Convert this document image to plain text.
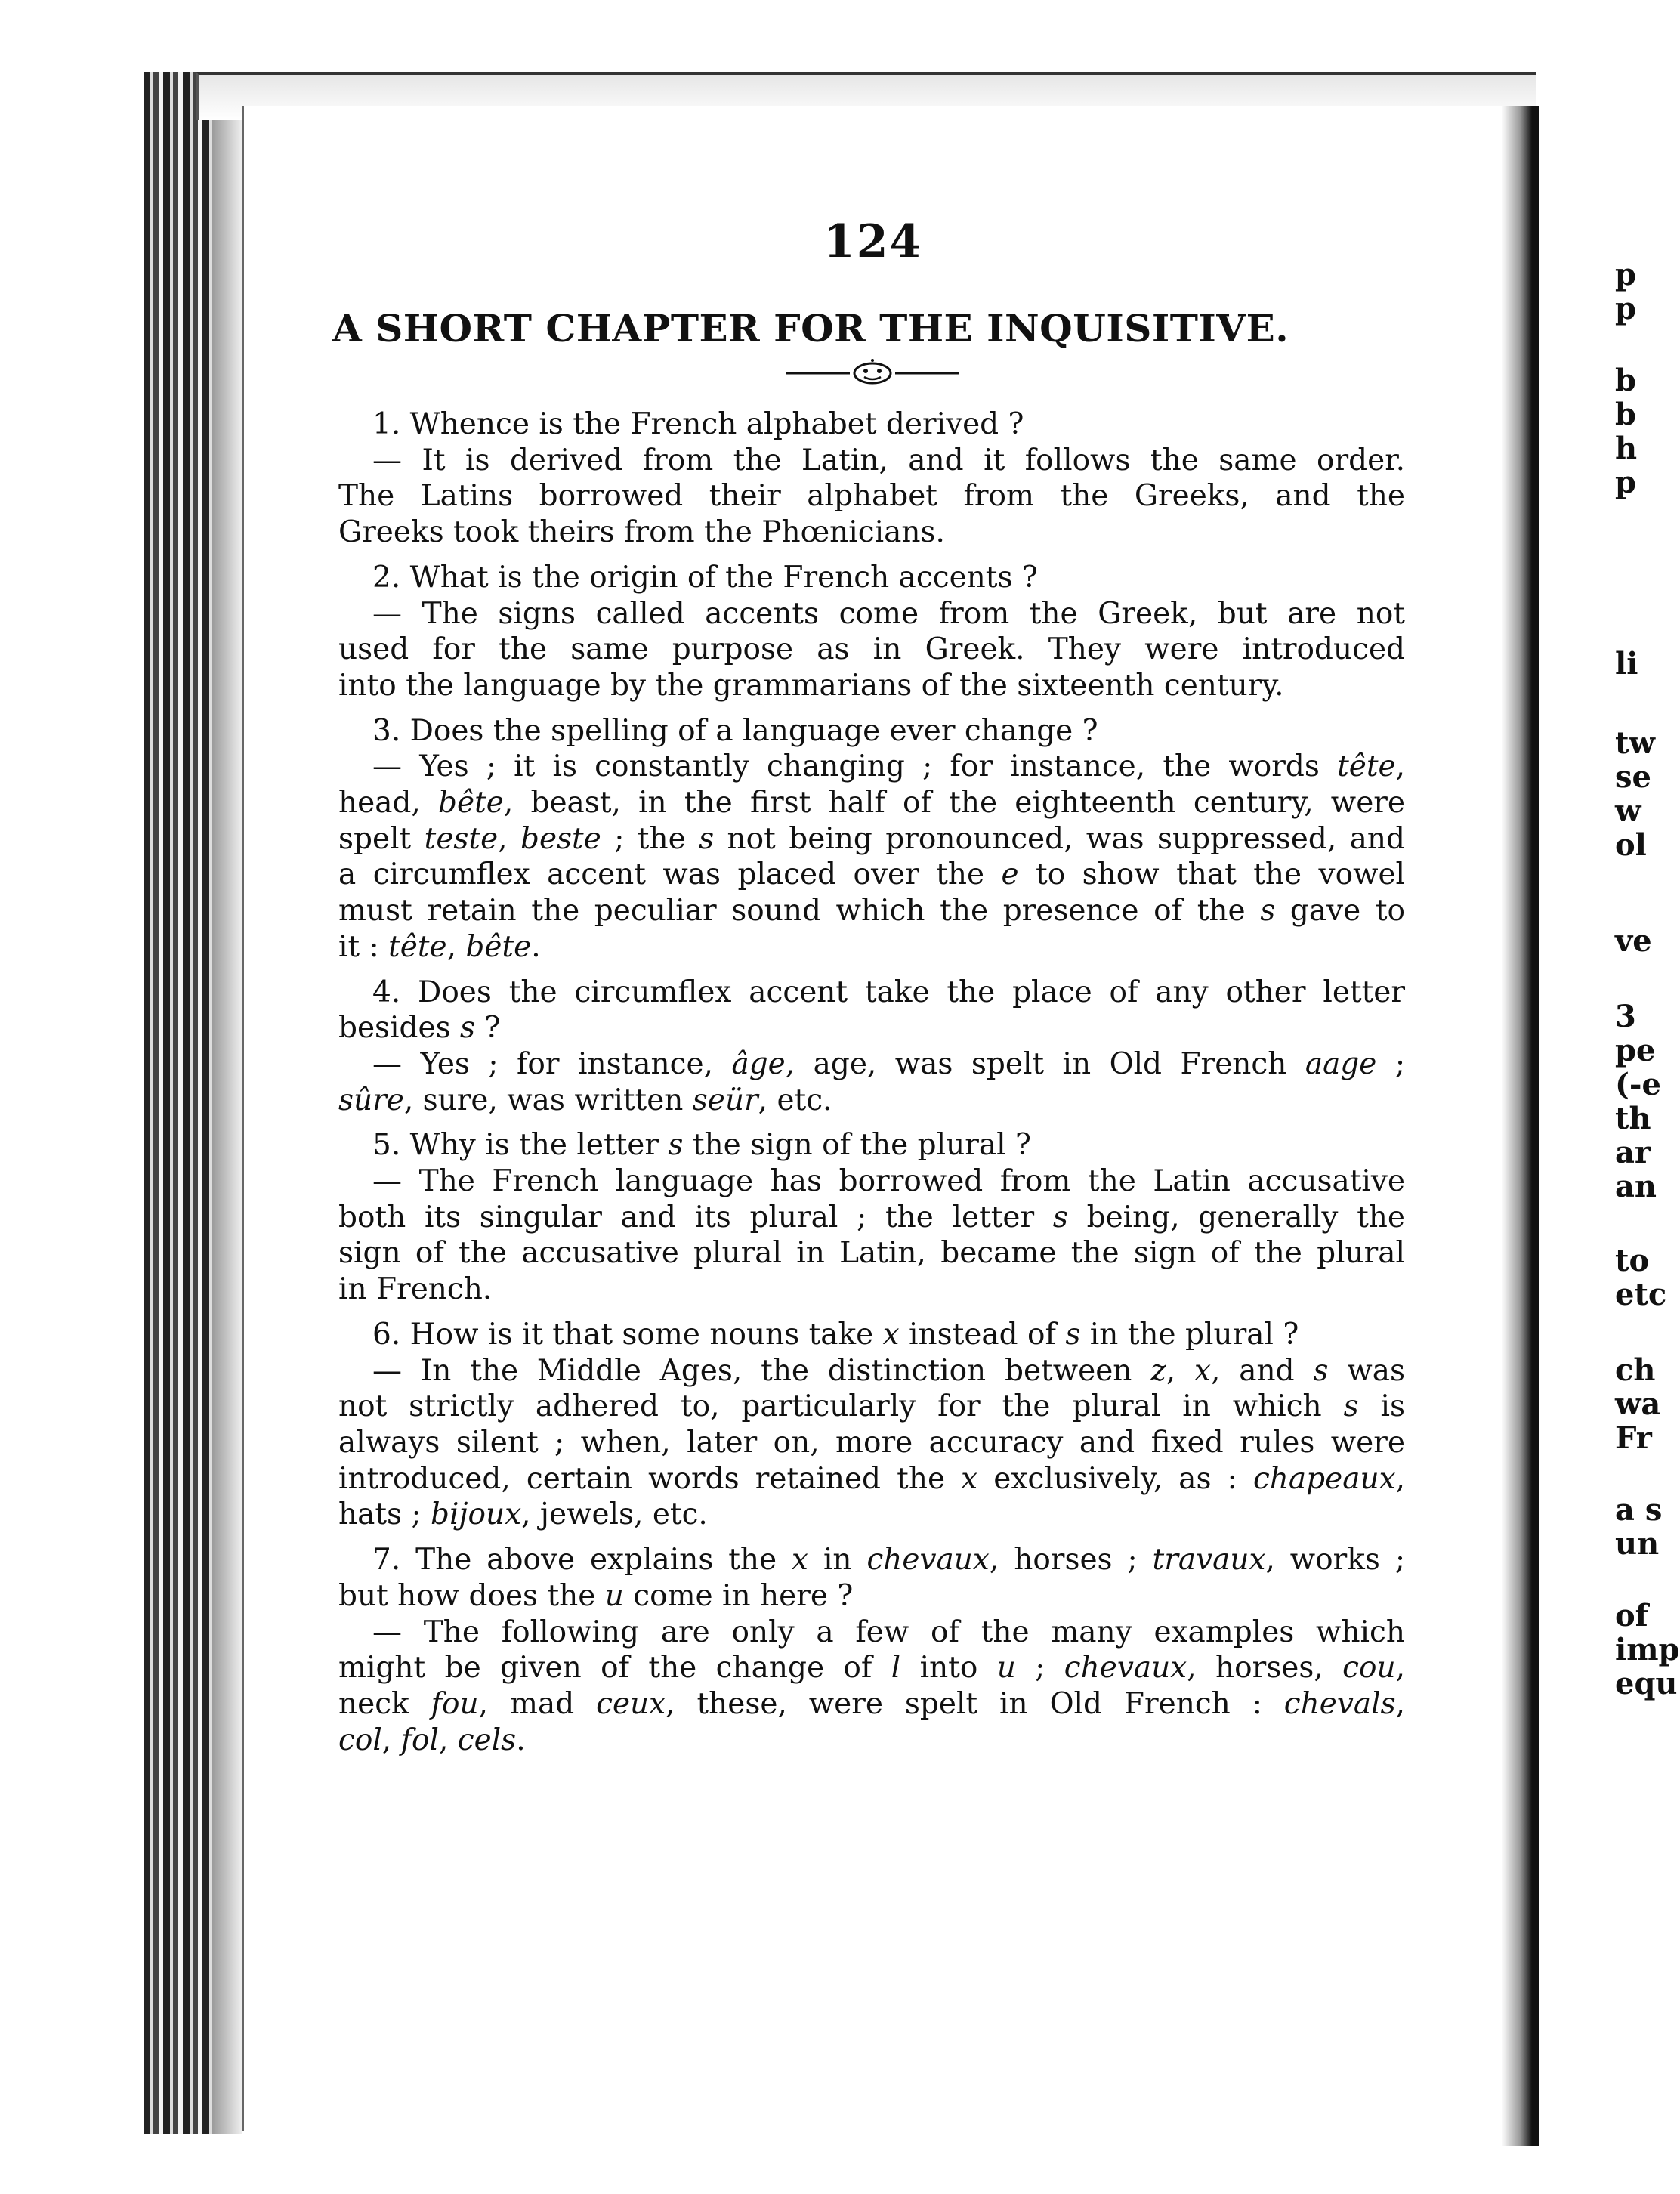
124
A SHORT CHAPTER FOR THE INQUISITIVE.
1. Whence is the French alphabet derived ?
— It is derived from the Latin, and it follows the same order.
The Latins borrowed their alphabet from the Greeks, and the
Greeks took theirs from the Phœnicians.
2. What is the origin of the French accents ?
— The signs called accents come from the Greek, but are not
used for the same purpose as in Greek. They were introduced
into the language by the grammarians of the sixteenth century.
3. Does the spelling of a language ever change ?
— Yes ; it is constantly changing ; for instance, the words tête,
head, bête, beast, in the first half of the eighteenth century, were
spelt teste, beste ; the s not being pronounced, was suppressed, and
a circumflex accent was placed over the e to show that the vowel
must retain the peculiar sound which the presence of the s gave to
it : tête, bête.
4. Does the circumflex accent take the place of any other letter
besides s ?
— Yes ; for instance, âge, age, was spelt in Old French aage ;
sûre, sure, was written seür, etc.
5. Why is the letter s the sign of the plural ?
— The French language has borrowed from the Latin accusative
both its singular and its plural ; the letter s being, generally the
sign of the accusative plural in Latin, became the sign of the plural
in French.
6. How is it that some nouns take x instead of s in the plural ?
— In the Middle Ages, the distinction between z, x, and s was
not strictly adhered to, particularly for the plural in which s is
always silent ; when, later on, more accuracy and fixed rules were
introduced, certain words retained the x exclusively, as : chapeaux,
hats ; bijoux, jewels, etc.
7. The above explains the x in chevaux, horses ; travaux, works ;
but how does the u come in here ?
— The following are only a few of the many examples which
might be given of the change of l into u ; chevaux, horses, cou,
neck fou, mad ceux, these, were spelt in Old French : chevals,
col, fol, cels.
p
p
b
b
h
p
li
tw
se
w
ol
ve
3
pe
(-e
th
ar
an
to
etc
ch
wa
Fr
a s
un
of
imp
equ
